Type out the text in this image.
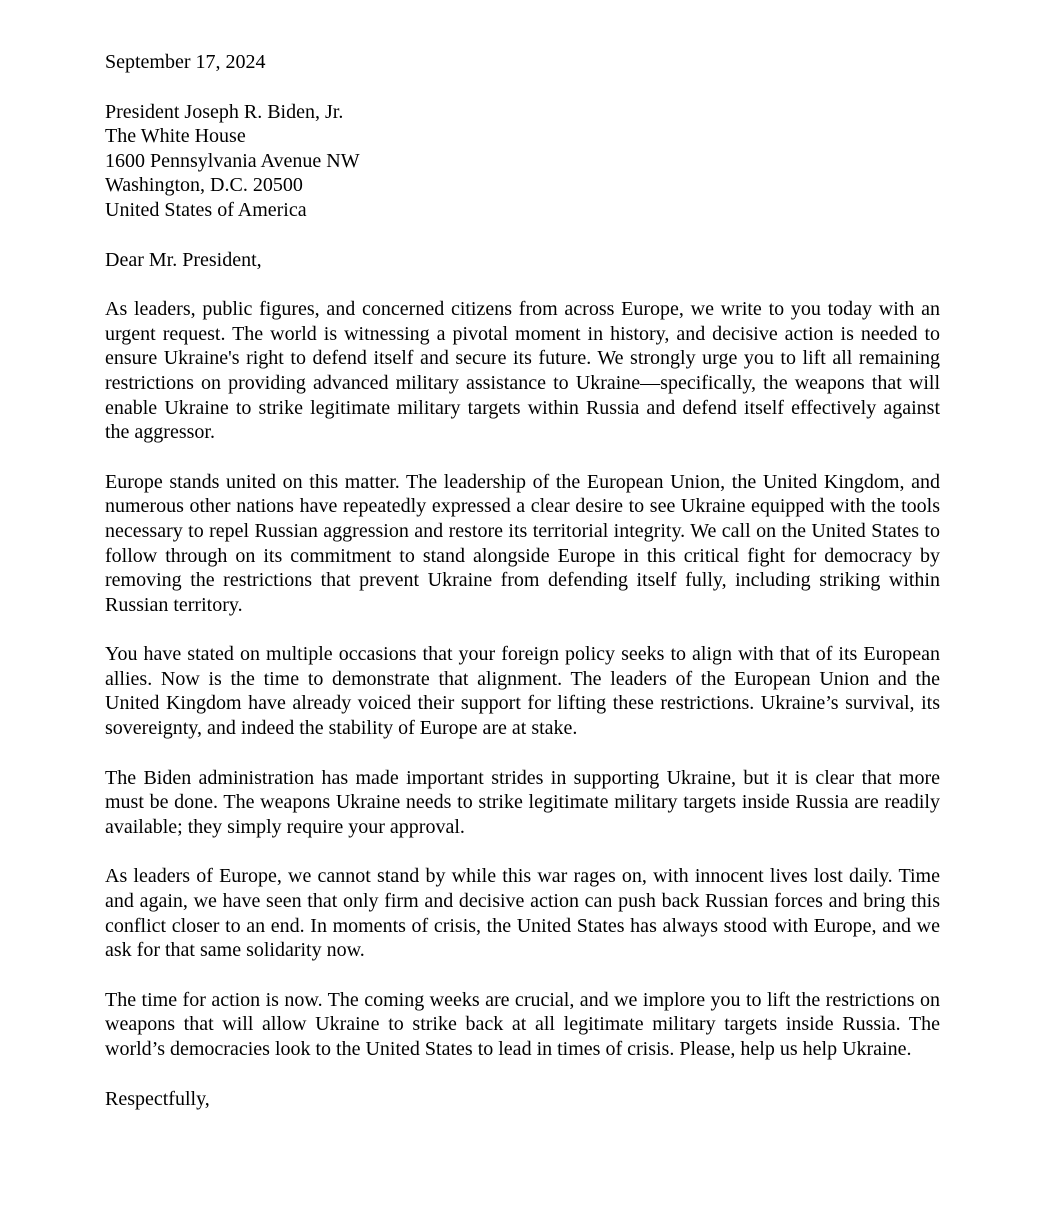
September 17, 2024

President Joseph R. Biden, Jr.
The White House
1600 Pennsylvania Avenue NW
Washington, D.C. 20500
United States of America

Dear Mr. President,

As leaders, public figures, and concerned citizens from across Europe, we write to you today with an urgent request. The world is witnessing a pivotal moment in history, and decisive action is needed to ensure Ukraine's right to defend itself and secure its future. We strongly urge you to lift all remaining restrictions on providing advanced military assistance to Ukraine—specifically, the weapons that will enable Ukraine to strike legitimate military targets within Russia and defend itself effectively against the aggressor.

Europe stands united on this matter. The leadership of the European Union, the United Kingdom, and numerous other nations have repeatedly expressed a clear desire to see Ukraine equipped with the tools necessary to repel Russian aggression and restore its territorial integrity. We call on the United States to follow through on its commitment to stand alongside Europe in this critical fight for democracy by removing the restrictions that prevent Ukraine from defending itself fully, including striking within Russian territory.

You have stated on multiple occasions that your foreign policy seeks to align with that of its European allies. Now is the time to demonstrate that alignment. The leaders of the European Union and the United Kingdom have already voiced their support for lifting these restrictions. Ukraine’s survival, its sovereignty, and indeed the stability of Europe are at stake.

The Biden administration has made important strides in supporting Ukraine, but it is clear that more must be done. The weapons Ukraine needs to strike legitimate military targets inside Russia are readily available; they simply require your approval.

As leaders of Europe, we cannot stand by while this war rages on, with innocent lives lost daily. Time and again, we have seen that only firm and decisive action can push back Russian forces and bring this conflict closer to an end. In moments of crisis, the United States has always stood with Europe, and we ask for that same solidarity now.

The time for action is now. The coming weeks are crucial, and we implore you to lift the restrictions on weapons that will allow Ukraine to strike back at all legitimate military targets inside Russia. The world’s democracies look to the United States to lead in times of crisis. Please, help us help Ukraine.

Respectfully,
